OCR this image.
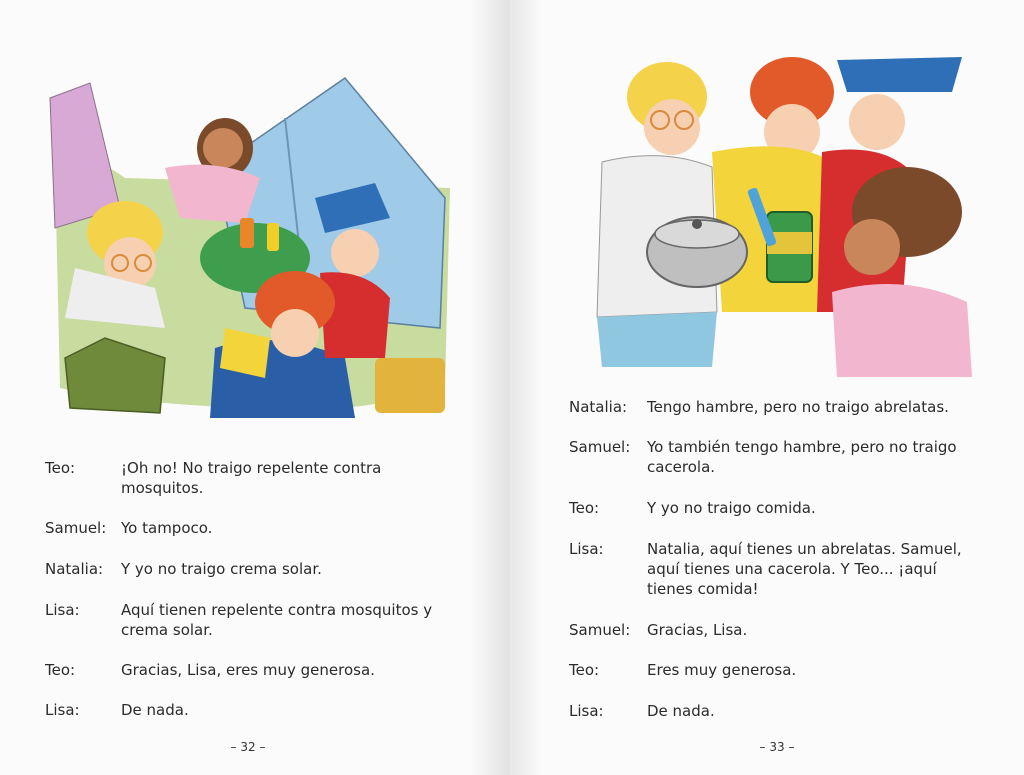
Teo:	¡Oh no! No traigo repelente contra mosquitos.
Samuel: Yo tampoco.
Natalia: Y yo no traigo crema solar.
Lisa:	Aquí tienen repelente contra mosquitos y crema solar.
Teo:	Gracias, Lisa, eres muy generosa.
Lisa:	De nada.
– 32 –
Natalia: Tengo hambre, pero no traigo abrelatas.
Samuel: Yo también tengo hambre, pero no traigo cacerola.
Teo:	Y yo no traigo comida.
Lisa:	Natalia, aquí tienes un abrelatas. Samuel, aquí tienes una cacerola. Y Teo... ¡aquí tienes comida!
Samuel: Gracias, Lisa.
Teo:	Eres muy generosa.
Lisa:	De nada.
– 33 –
